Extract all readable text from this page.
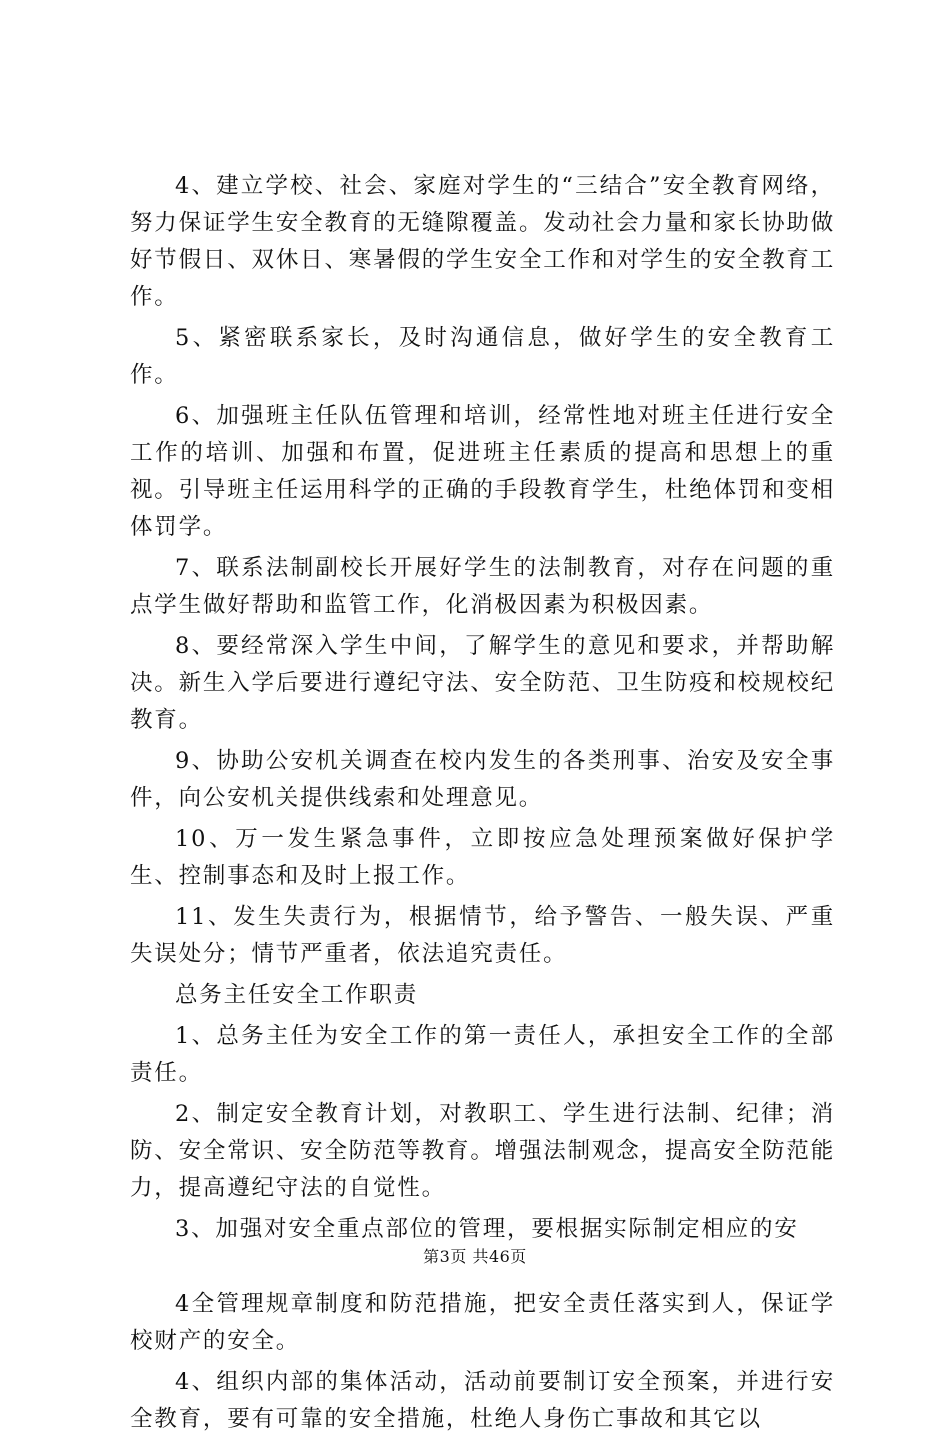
4、建立学校、社会、家庭对学生的“三结合”安全教育网络，努力保证学生安全教育的无缝隙覆盖。发动社会力量和家长协助做好节假日、双休日、寒暑假的学生安全工作和对学生的安全教育工作。

5、紧密联系家长，及时沟通信息，做好学生的安全教育工作。

6、加强班主任队伍管理和培训，经常性地对班主任进行安全工作的培训、加强和布置，促进班主任素质的提高和思想上的重视。引导班主任运用科学的正确的手段教育学生，杜绝体罚和变相体罚学。

7、联系法制副校长开展好学生的法制教育，对存在问题的重点学生做好帮助和监管工作，化消极因素为积极因素。

8、要经常深入学生中间，了解学生的意见和要求，并帮助解决。新生入学后要进行遵纪守法、安全防范、卫生防疫和校规校纪教育。

9、协助公安机关调查在校内发生的各类刑事、治安及安全事件，向公安机关提供线索和处理意见。

10、万一发生紧急事件，立即按应急处理预案做好保护学生、控制事态和及时上报工作。

11、发生失责行为，根据情节，给予警告、一般失误、严重失误处分；情节严重者，依法追究责任。

总务主任安全工作职责

1、总务主任为安全工作的第一责任人，承担安全工作的全部责任。

2、制定安全教育计划，对教职工、学生进行法制、纪律；消防、安全常识、安全防范等教育。增强法制观念，提高安全防范能力，提高遵纪守法的自觉性。

3、加强对安全重点部位的管理，要根据实际制定相应的安

4全管理规章制度和防范措施，把安全责任落实到人，保证学校财产的安全。

4、组织内部的集体活动，活动前要制订安全预案，并进行安全教育，要有可靠的安全措施，杜绝人身伤亡事故和其它以

第3页 共46页
